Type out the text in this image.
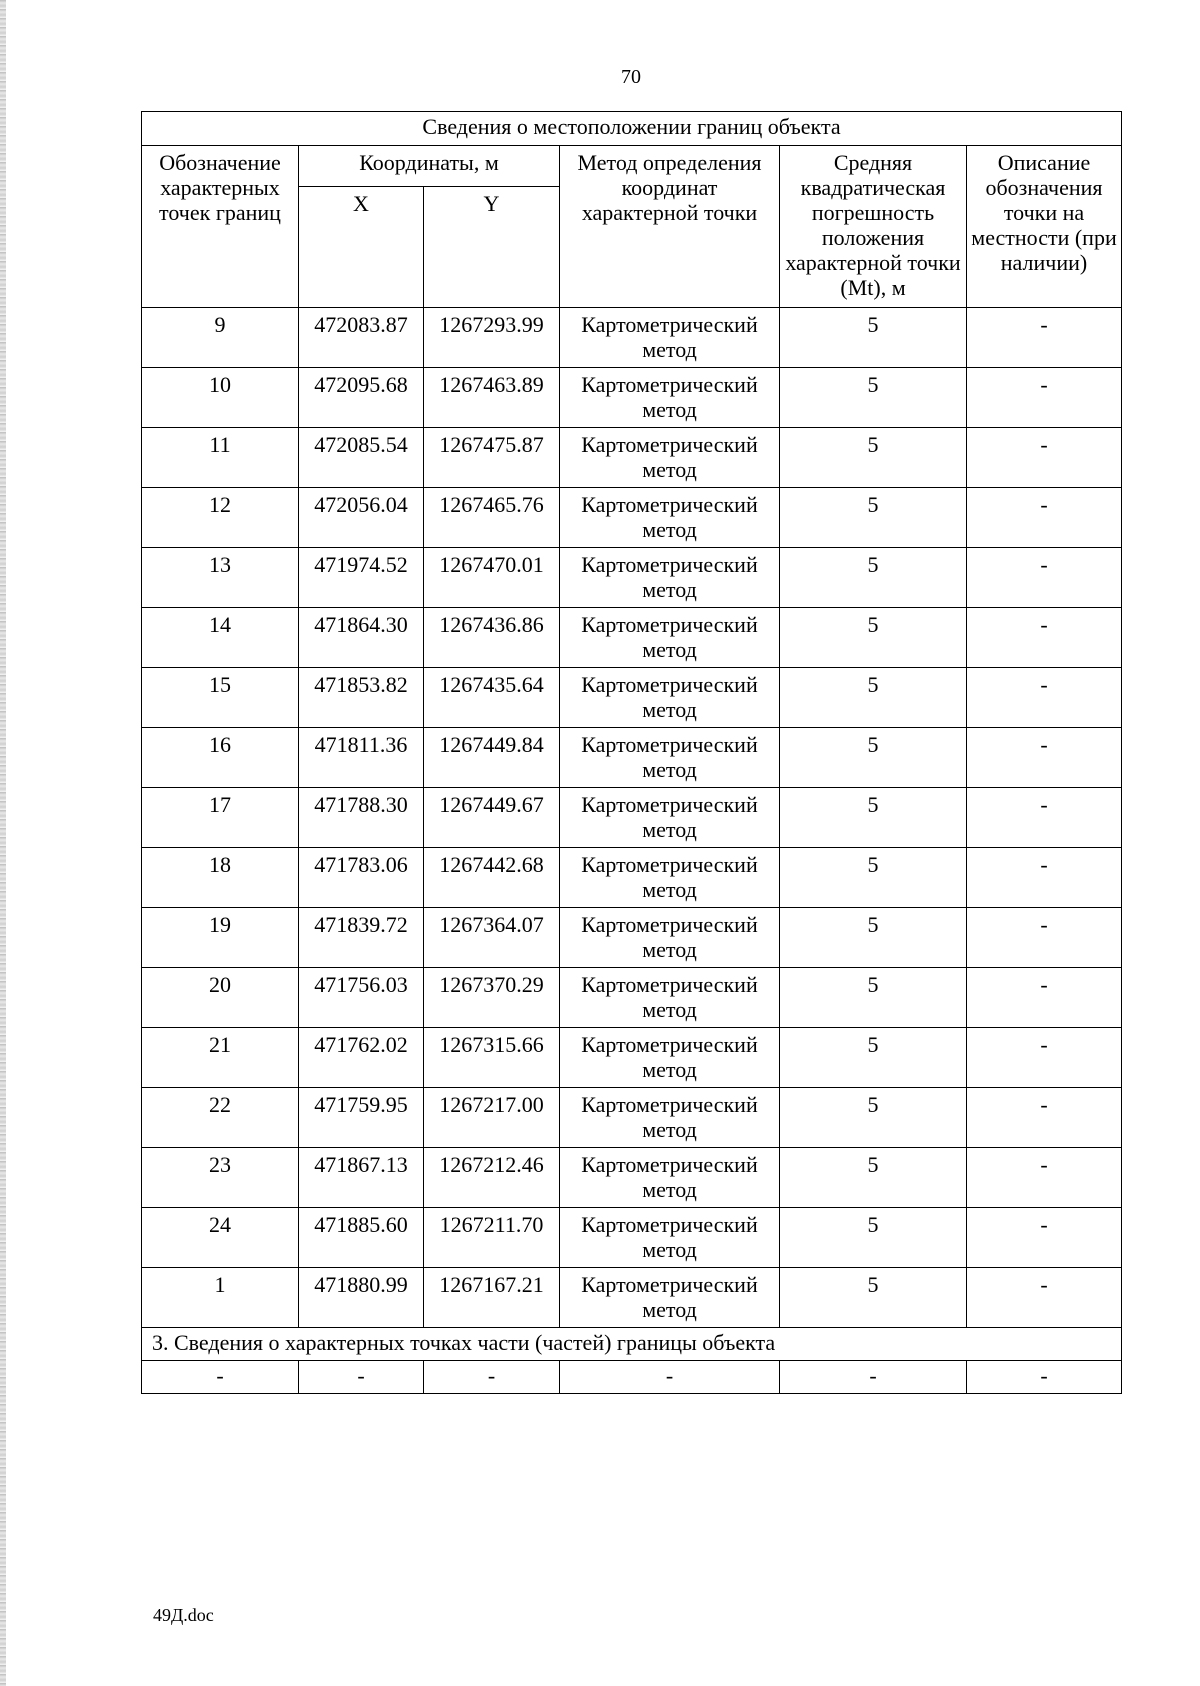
70
Сведения о местоположении границ объекта					
Обозначение характерных точек границ	Координаты, м		Метод определения координат характерной точки	Средняя квадратическая погрешность положения характерной точки (Mt), м	Описание обозначения точки на местности (при наличии)
	X	Y			
9	472083.87	1267293.99	Картометрический метод	5	-
10	472095.68	1267463.89	Картометрический метод	5	-
11	472085.54	1267475.87	Картометрический метод	5	-
12	472056.04	1267465.76	Картометрический метод	5	-
13	471974.52	1267470.01	Картометрический метод	5	-
14	471864.30	1267436.86	Картометрический метод	5	-
15	471853.82	1267435.64	Картометрический метод	5	-
16	471811.36	1267449.84	Картометрический метод	5	-
17	471788.30	1267449.67	Картометрический метод	5	-
18	471783.06	1267442.68	Картометрический метод	5	-
19	471839.72	1267364.07	Картометрический метод	5	-
20	471756.03	1267370.29	Картометрический метод	5	-
21	471762.02	1267315.66	Картометрический метод	5	-
22	471759.95	1267217.00	Картометрический метод	5	-
23	471867.13	1267212.46	Картометрический метод	5	-
24	471885.60	1267211.70	Картометрический метод	5	-
1	471880.99	1267167.21	Картометрический метод	5	-
3. Сведения о характерных точках части (частей) границы объекта					
-	-	-	-	-	-
49Д.doc
